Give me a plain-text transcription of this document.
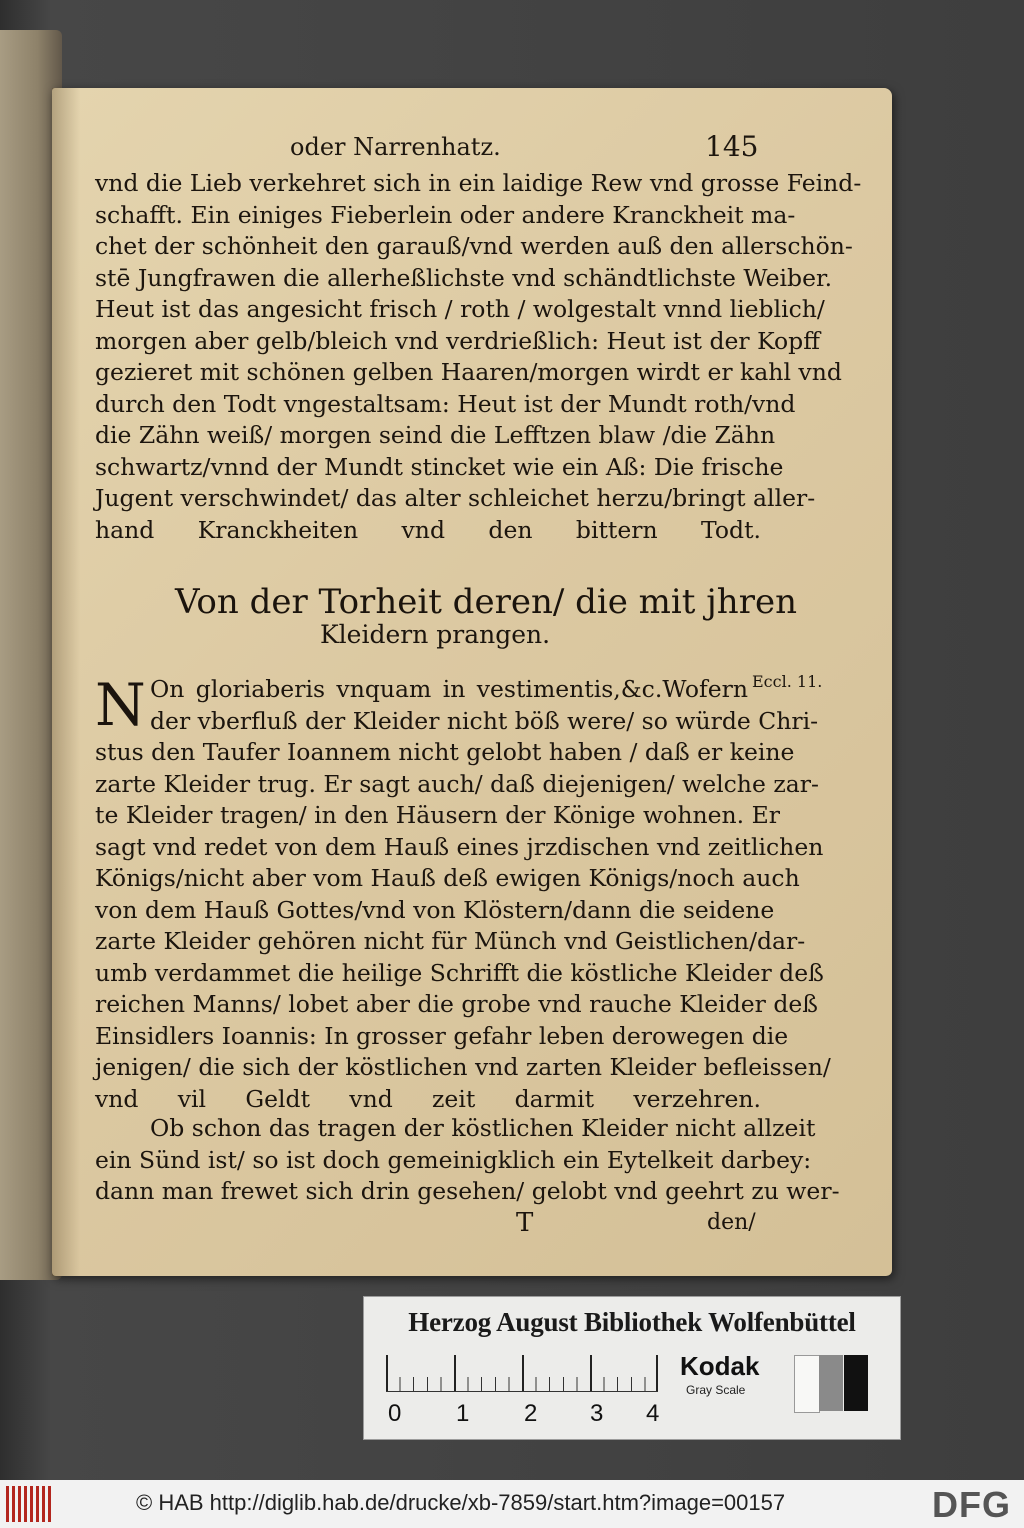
oder Narrenhatz.	145
vnd die Lieb verkehret sich in ein laidige Rew vnd grosse Feind-
schafft. Ein einiges Fieberlein oder andere Kranckheit ma-
chet der schönheit den garauß/vnd werden auß den allerschön-
stē Jungfrawen die allerheßlichste vnd schändtlichste Weiber.
Heut ist das angesicht frisch / roth / wolgestalt vnnd lieblich/
morgen aber gelb/bleich vnd verdrießlich: Heut ist der Kopff
gezieret mit schönen gelben Haaren/morgen wirdt er kahl vnd
durch den Todt vngestaltsam: Heut ist der Mundt roth/vnd
die Zähn weiß/ morgen seind die Lefftzen blaw /die Zähn
schwartz/vnnd der Mundt stincket wie ein Aß: Die frische
Jugent verschwindet/ das alter schleichet herzu/bringt aller-
hand Kranckheiten vnd den bittern Todt.
Von der Torheit deren/ die mit jhren
Kleidern prangen.
N	Eccl. 11.
On gloriaberis vnquam in vestimentis,&c.Wofern
der vberfluß der Kleider nicht böß were/ so würde Chri-
stus den Taufer Ioannem nicht gelobt haben / daß er keine
zarte Kleider trug. Er sagt auch/ daß diejenigen/ welche zar-
te Kleider tragen/ in den Häusern der Könige wohnen. Er
sagt vnd redet von dem Hauß eines jrzdischen vnd zeitlichen
Königs/nicht aber vom Hauß deß ewigen Königs/noch auch
von dem Hauß Gottes/vnd von Klöstern/dann die seidene
zarte Kleider gehören nicht für Münch vnd Geistlichen/dar-
umb verdammet die heilige Schrifft die köstliche Kleider deß
reichen Manns/ lobet aber die grobe vnd rauche Kleider deß
Einsidlers Ioannis: In grosser gefahr leben derowegen die
jenigen/ die sich der köstlichen vnd zarten Kleider befleissen/
vnd vil Geldt vnd zeit darmit verzehren.
Ob schon das tragen der köstlichen Kleider nicht allzeit
ein Sünd ist/ so ist doch gemeinigklich ein Eytelkeit darbey:
dann man frewet sich drin gesehen/ gelobt vnd geehrt zu wer-
T	den/
Herzog August Bibliothek Wolfenbüttel
0 1 2 3 4
Kodak
Gray Scale
© HAB http://diglib.hab.de/drucke/xb-7859/start.htm?image=00157	DFG
